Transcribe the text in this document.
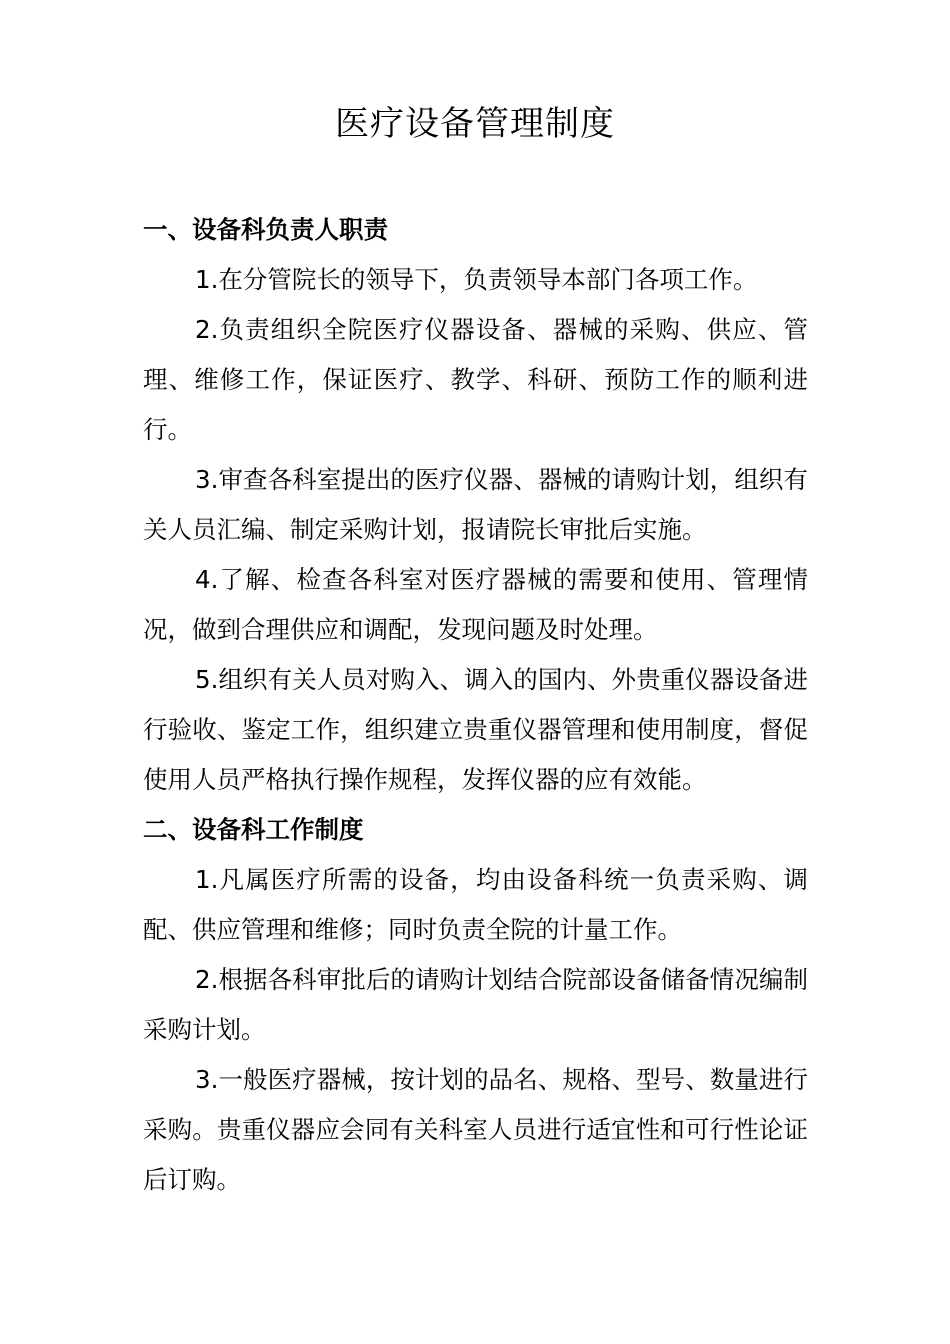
医疗设备管理制度
一、设备科负责人职责

1.在分管院长的领导下，负责领导本部门各项工作。

2.负责组织全院医疗仪器设备、器械的采购、供应、管理、维修工作，保证医疗、教学、科研、预防工作的顺利进行。

3.审查各科室提出的医疗仪器、器械的请购计划，组织有关人员汇编、制定采购计划，报请院长审批后实施。

4.了解、检查各科室对医疗器械的需要和使用、管理情况，做到合理供应和调配，发现问题及时处理。

5.组织有关人员对购入、调入的国内、外贵重仪器设备进行验收、鉴定工作，组织建立贵重仪器管理和使用制度，督促使用人员严格执行操作规程，发挥仪器的应有效能。

二、设备科工作制度

1.凡属医疗所需的设备，均由设备科统一负责采购、调配、供应管理和维修；同时负责全院的计量工作。

2.根据各科审批后的请购计划结合院部设备储备情况编制采购计划。

3.一般医疗器械，按计划的品名、规格、型号、数量进行采购。贵重仪器应会同有关科室人员进行适宜性和可行性论证后订购。
